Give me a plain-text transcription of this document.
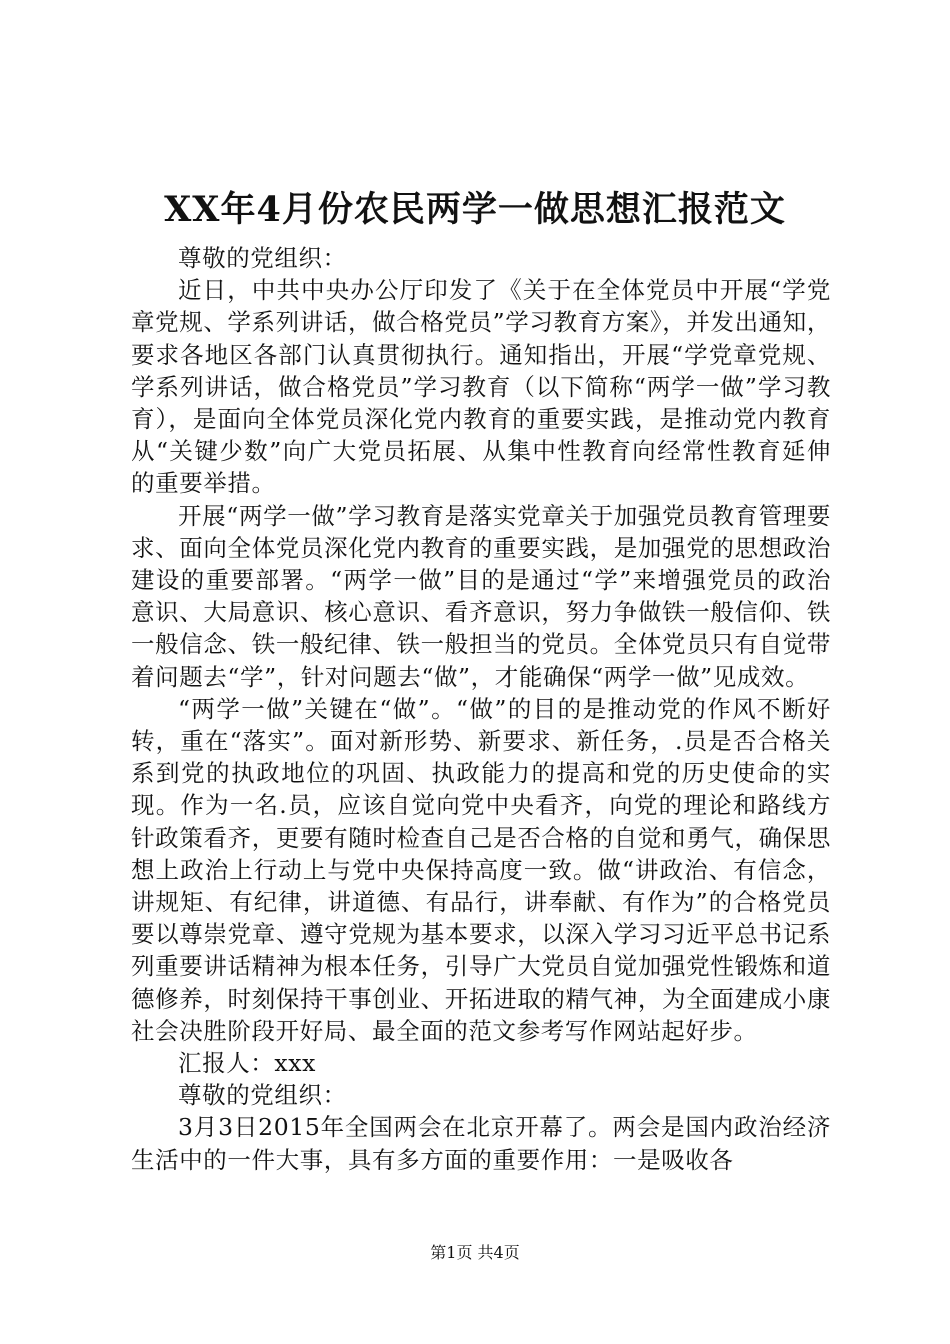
XX年4月份农民两学一做思想汇报范文

尊敬的党组织：

近日，中共中央办公厅印发了《关于在全体党员中开展“学党章党规、学系列讲话，做合格党员”学习教育方案》，并发出通知，要求各地区各部门认真贯彻执行。通知指出，开展“学党章党规、学系列讲话，做合格党员”学习教育（以下简称“两学一做”学习教育），是面向全体党员深化党内教育的重要实践，是推动党内教育从“关键少数”向广大党员拓展、从集中性教育向经常性教育延伸的重要举措。

开展“两学一做”学习教育是落实党章关于加强党员教育管理要求、面向全体党员深化党内教育的重要实践，是加强党的思想政治建设的重要部署。“两学一做”目的是通过“学”来增强党员的政治意识、大局意识、核心意识、看齐意识，努力争做铁一般信仰、铁一般信念、铁一般纪律、铁一般担当的党员。全体党员只有自觉带着问题去“学”，针对问题去“做”，才能确保“两学一做”见成效。

“两学一做”关键在“做”。“做”的目的是推动党的作风不断好转，重在“落实”。面对新形势、新要求、新任务，.员是否合格关系到党的执政地位的巩固、执政能力的提高和党的历史使命的实现。作为一名.员，应该自觉向党中央看齐，向党的理论和路线方针政策看齐，更要有随时检查自己是否合格的自觉和勇气，确保思想上政治上行动上与党中央保持高度一致。做“讲政治、有信念，讲规矩、有纪律，讲道德、有品行，讲奉献、有作为”的合格党员要以尊崇党章、遵守党规为基本要求，以深入学习习近平总书记系列重要讲话精神为根本任务，引导广大党员自觉加强党性锻炼和道德修养，时刻保持干事创业、开拓进取的精气神，为全面建成小康社会决胜阶段开好局、最全面的范文参考写作网站起好步。

汇报人：xxx

尊敬的党组织：

3月3日2015年全国两会在北京开幕了。两会是国内政治经济生活中的一件大事，具有多方面的重要作用：一是吸收各

第1页 共4页
